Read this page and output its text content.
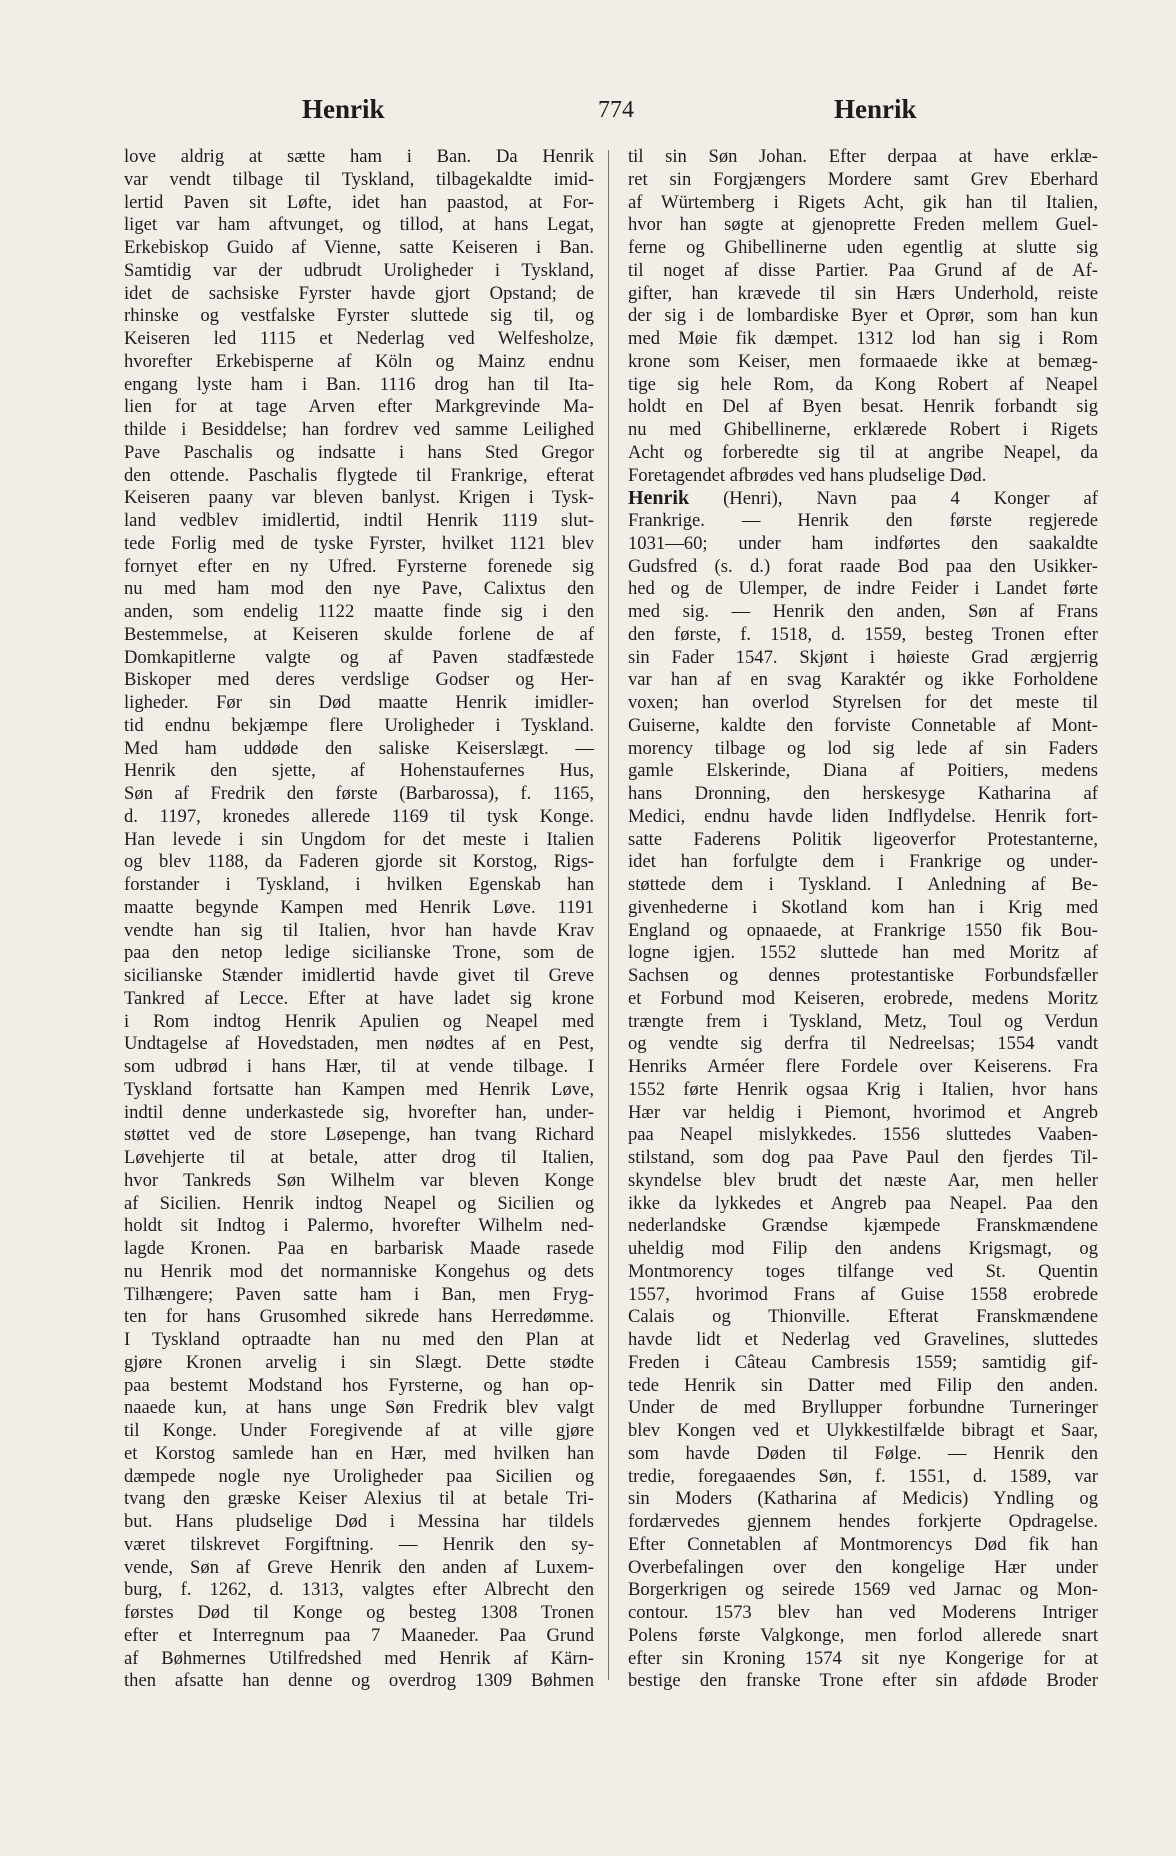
Henrik	774	Henrik
love aldrig at sætte ham i Ban. Da Henrik
var vendt tilbage til Tyskland, tilbagekaldte imid-
lertid Paven sit Løfte, idet han paastod, at For-
liget var ham aftvunget, og tillod, at hans Legat,
Erkebiskop Guido af Vienne, satte Keiseren i Ban.
Samtidig var der udbrudt Uroligheder i Tyskland,
idet de sachsiske Fyrster havde gjort Opstand; de
rhinske og vestfalske Fyrster sluttede sig til, og
Keiseren led 1115 et Nederlag ved Welfesholze,
hvorefter Erkebisperne af Köln og Mainz endnu
engang lyste ham i Ban. 1116 drog han til Ita-
lien for at tage Arven efter Markgrevinde Ma-
thilde i Besiddelse; han fordrev ved samme Leilighed
Pave Paschalis og indsatte i hans Sted Gregor
den ottende. Paschalis flygtede til Frankrige, efterat
Keiseren paany var bleven banlyst. Krigen i Tysk-
land vedblev imidlertid, indtil Henrik 1119 slut-
tede Forlig med de tyske Fyrster, hvilket 1121 blev
fornyet efter en ny Ufred. Fyrsterne forenede sig
nu med ham mod den nye Pave, Calixtus den
anden, som endelig 1122 maatte finde sig i den
Bestemmelse, at Keiseren skulde forlene de af
Domkapitlerne valgte og af Paven stadfæstede
Biskoper med deres verdslige Godser og Her-
ligheder. Før sin Død maatte Henrik imidler-
tid endnu bekjæmpe flere Uroligheder i Tyskland.
Med ham uddøde den saliske Keiserslægt. —
Henrik den sjette, af Hohenstaufernes Hus,
Søn af Fredrik den første (Barbarossa), f. 1165,
d. 1197, kronedes allerede 1169 til tysk Konge.
Han levede i sin Ungdom for det meste i Italien
og blev 1188, da Faderen gjorde sit Korstog, Rigs-
forstander i Tyskland, i hvilken Egenskab han
maatte begynde Kampen med Henrik Løve. 1191
vendte han sig til Italien, hvor han havde Krav
paa den netop ledige sicilianske Trone, som de
sicilianske Stænder imidlertid havde givet til Greve
Tankred af Lecce. Efter at have ladet sig krone
i Rom indtog Henrik Apulien og Neapel med
Undtagelse af Hovedstaden, men nødtes af en Pest,
som udbrød i hans Hær, til at vende tilbage. I
Tyskland fortsatte han Kampen med Henrik Løve,
indtil denne underkastede sig, hvorefter han, under-
støttet ved de store Løsepenge, han tvang Richard
Løvehjerte til at betale, atter drog til Italien,
hvor Tankreds Søn Wilhelm var bleven Konge
af Sicilien. Henrik indtog Neapel og Sicilien og
holdt sit Indtog i Palermo, hvorefter Wilhelm ned-
lagde Kronen. Paa en barbarisk Maade rasede
nu Henrik mod det normanniske Kongehus og dets
Tilhængere; Paven satte ham i Ban, men Fryg-
ten for hans Grusomhed sikrede hans Herredømme.
I Tyskland optraadte han nu med den Plan at
gjøre Kronen arvelig i sin Slægt. Dette stødte
paa bestemt Modstand hos Fyrsterne, og han op-
naaede kun, at hans unge Søn Fredrik blev valgt
til Konge. Under Foregivende af at ville gjøre
et Korstog samlede han en Hær, med hvilken han
dæmpede nogle nye Uroligheder paa Sicilien og
tvang den græske Keiser Alexius til at betale Tri-
but. Hans pludselige Død i Messina har tildels
været tilskrevet Forgiftning. — Henrik den sy-
vende, Søn af Greve Henrik den anden af Luxem-
burg, f. 1262, d. 1313, valgtes efter Albrecht den
førstes Død til Konge og besteg 1308 Tronen
efter et Interregnum paa 7 Maaneder. Paa Grund
af Bøhmernes Utilfredshed med Henrik af Kärn-
then afsatte han denne og overdrog 1309 Bøhmen
til sin Søn Johan. Efter derpaa at have erklæ-
ret sin Forgjængers Mordere samt Grev Eberhard
af Würtemberg i Rigets Acht, gik han til Italien,
hvor han søgte at gjenoprette Freden mellem Guel-
ferne og Ghibellinerne uden egentlig at slutte sig
til noget af disse Partier. Paa Grund af de Af-
gifter, han krævede til sin Hærs Underhold, reiste
der sig i de lombardiske Byer et Oprør, som han kun
med Møie fik dæmpet. 1312 lod han sig i Rom
krone som Keiser, men formaaede ikke at bemæg-
tige sig hele Rom, da Kong Robert af Neapel
holdt en Del af Byen besat. Henrik forbandt sig
nu med Ghibellinerne, erklærede Robert i Rigets
Acht og forberedte sig til at angribe Neapel, da
Foretagendet afbrødes ved hans pludselige Død.
Henrik (Henri), Navn paa 4 Konger af
Frankrige. — Henrik den første regjerede
1031—60; under ham indførtes den saakaldte
Gudsfred (s. d.) forat raade Bod paa den Usikker-
hed og de Ulemper, de indre Feider i Landet førte
med sig. — Henrik den anden, Søn af Frans
den første, f. 1518, d. 1559, besteg Tronen efter
sin Fader 1547. Skjønt i høieste Grad ærgjerrig
var han af en svag Karaktér og ikke Forholdene
voxen; han overlod Styrelsen for det meste til
Guiserne, kaldte den forviste Connetable af Mont-
morency tilbage og lod sig lede af sin Faders
gamle Elskerinde, Diana af Poitiers, medens
hans Dronning, den herskesyge Katharina af
Medici, endnu havde liden Indflydelse. Henrik fort-
satte Faderens Politik ligeoverfor Protestanterne,
idet han forfulgte dem i Frankrige og under-
støttede dem i Tyskland. I Anledning af Be-
givenhederne i Skotland kom han i Krig med
England og opnaaede, at Frankrige 1550 fik Bou-
logne igjen. 1552 sluttede han med Moritz af
Sachsen og dennes protestantiske Forbundsfæller
et Forbund mod Keiseren, erobrede, medens Moritz
trængte frem i Tyskland, Metz, Toul og Verdun
og vendte sig derfra til Nedreelsas; 1554 vandt
Henriks Arméer flere Fordele over Keiserens. Fra
1552 førte Henrik ogsaa Krig i Italien, hvor hans
Hær var heldig i Piemont, hvorimod et Angreb
paa Neapel mislykkedes. 1556 sluttedes Vaaben-
stilstand, som dog paa Pave Paul den fjerdes Til-
skyndelse blev brudt det næste Aar, men heller
ikke da lykkedes et Angreb paa Neapel. Paa den
nederlandske Grændse kjæmpede Franskmændene
uheldig mod Filip den andens Krigsmagt, og
Montmorency toges tilfange ved St. Quentin
1557, hvorimod Frans af Guise 1558 erobrede
Calais og Thionville. Efterat Franskmændene
havde lidt et Nederlag ved Gravelines, sluttedes
Freden i Câteau Cambresis 1559; samtidig gif-
tede Henrik sin Datter med Filip den anden.
Under de med Bryllupper forbundne Turneringer
blev Kongen ved et Ulykkestilfælde bibragt et Saar,
som havde Døden til Følge. — Henrik den
tredie, foregaaendes Søn, f. 1551, d. 1589, var
sin Moders (Katharina af Medicis) Yndling og
fordærvedes gjennem hendes forkjerte Opdragelse.
Efter Connetablen af Montmorencys Død fik han
Overbefalingen over den kongelige Hær under
Borgerkrigen og seirede 1569 ved Jarnac og Mon-
contour. 1573 blev han ved Moderens Intriger
Polens første Valgkonge, men forlod allerede snart
efter sin Kroning 1574 sit nye Kongerige for at
bestige den franske Trone efter sin afdøde Broder
